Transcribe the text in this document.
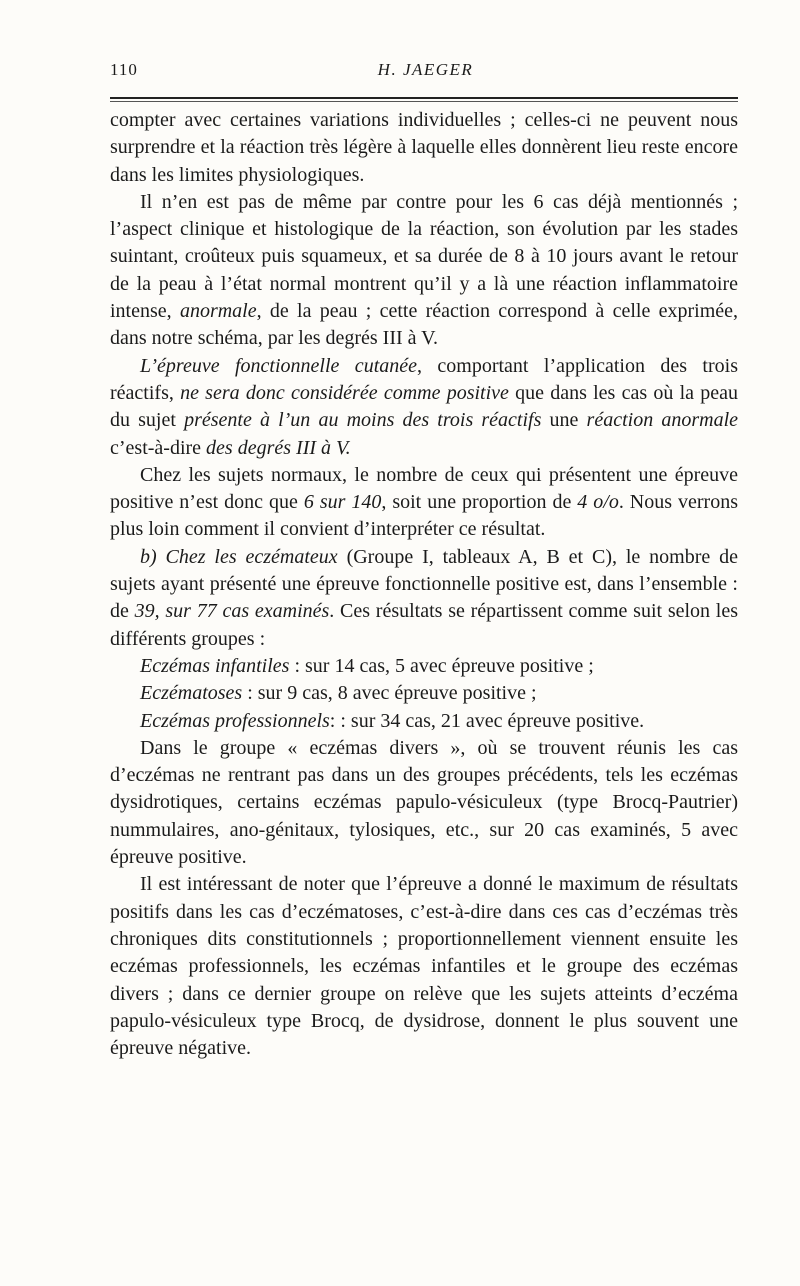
110	H. JAEGER

compter avec certaines variations individuelles ; celles-ci ne peuvent nous surprendre et la réaction très légère à laquelle elles donnèrent lieu reste encore dans les limites physiologiques.

Il n’en est pas de même par contre pour les 6 cas déjà mentionnés ; l’aspect clinique et histologique de la réaction, son évolution par les stades suintant, croûteux puis squameux, et sa durée de 8 à 10 jours avant le retour de la peau à l’état normal montrent qu’il y a là une réaction inflammatoire intense, anormale, de la peau ; cette réaction correspond à celle exprimée, dans notre schéma, par les degrés III à V.

L’épreuve fonctionnelle cutanée, comportant l’application des trois réactifs, ne sera donc considérée comme positive que dans les cas où la peau du sujet présente à l’un au moins des trois réactifs une réaction anormale c’est-à-dire des degrés III à V.

Chez les sujets normaux, le nombre de ceux qui présentent une épreuve positive n’est donc que 6 sur 140, soit une proportion de 4 o/o. Nous verrons plus loin comment il convient d’interpréter ce résultat.

b) Chez les eczémateux (Groupe I, tableaux A, B et C), le nombre de sujets ayant présenté une épreuve fonctionnelle positive est, dans l’ensemble : de 39, sur 77 cas examinés. Ces résultats se répartissent comme suit selon les différents groupes :

Eczémas infantiles : sur 14 cas, 5 avec épreuve positive ;

Eczématoses : sur 9 cas, 8 avec épreuve positive ;

Eczémas professionnels: : sur 34 cas, 21 avec épreuve positive.

Dans le groupe « eczémas divers », où se trouvent réunis les cas d’eczémas ne rentrant pas dans un des groupes précédents, tels les eczémas dysidrotiques, certains eczémas papulo-vésiculeux (type Brocq-Pautrier) nummulaires, ano-génitaux, tylosiques, etc., sur 20 cas examinés, 5 avec épreuve positive.

Il est intéressant de noter que l’épreuve a donné le maximum de résultats positifs dans les cas d’eczématoses, c’est-à-dire dans ces cas d’eczémas très chroniques dits constitutionnels ; proportionnellement viennent ensuite les eczémas professionnels, les eczémas infantiles et le groupe des eczémas divers ; dans ce dernier groupe on relève que les sujets atteints d’eczéma papulo-vésiculeux type Brocq, de dysidrose, donnent le plus souvent une épreuve négative.
